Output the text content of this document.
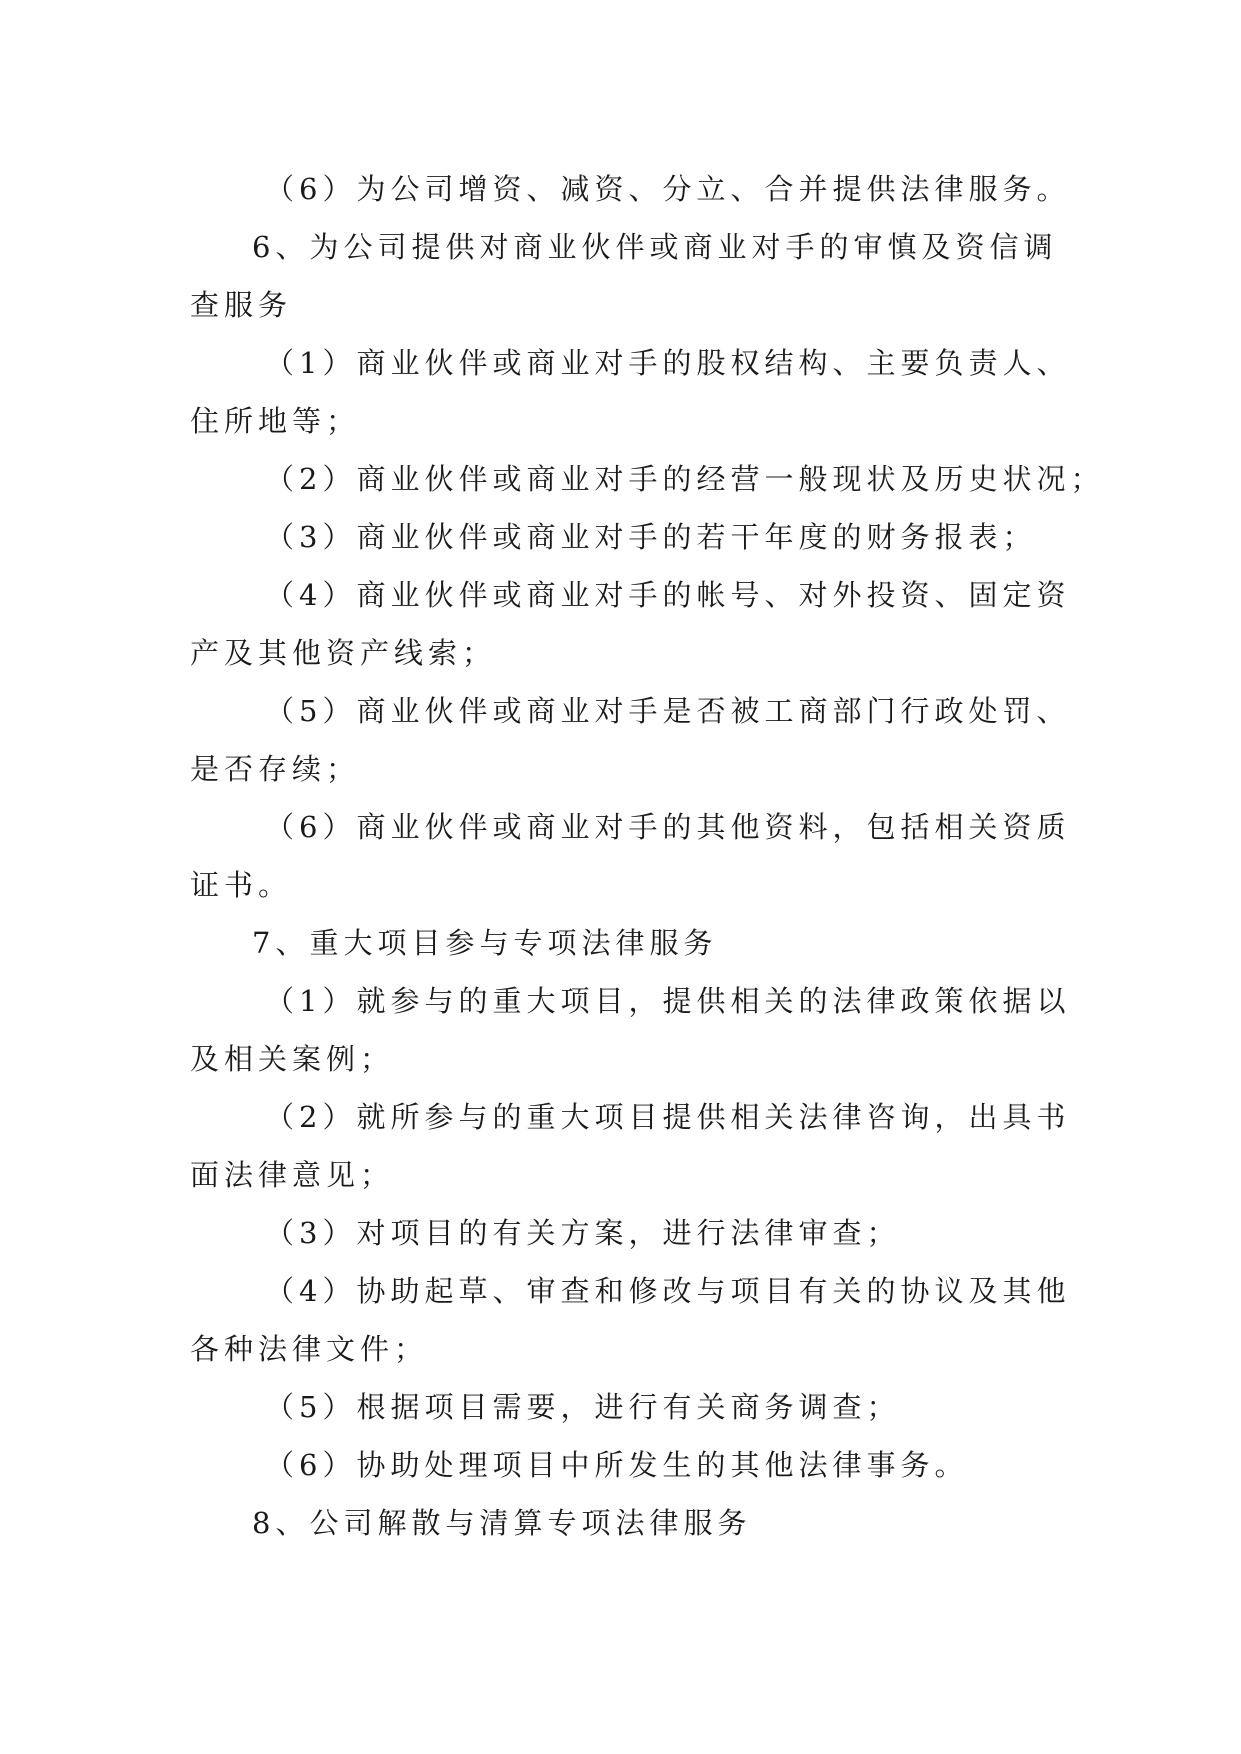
（6）为公司增资、减资、分立、合并提供法律服务。
6、为公司提供对商业伙伴或商业对手的审慎及资信调
查服务
（1）商业伙伴或商业对手的股权结构、主要负责人、
住所地等；
（2）商业伙伴或商业对手的经营一般现状及历史状况；
（3）商业伙伴或商业对手的若干年度的财务报表；
（4）商业伙伴或商业对手的帐号、对外投资、固定资
产及其他资产线索；
（5）商业伙伴或商业对手是否被工商部门行政处罚、
是否存续；
（6）商业伙伴或商业对手的其他资料，包括相关资质
证书。
7、重大项目参与专项法律服务
（1）就参与的重大项目，提供相关的法律政策依据以
及相关案例；
（2）就所参与的重大项目提供相关法律咨询，出具书
面法律意见；
（3）对项目的有关方案，进行法律审查；
（4）协助起草、审查和修改与项目有关的协议及其他
各种法律文件；
（5）根据项目需要，进行有关商务调查；
（6）协助处理项目中所发生的其他法律事务。
8、公司解散与清算专项法律服务
